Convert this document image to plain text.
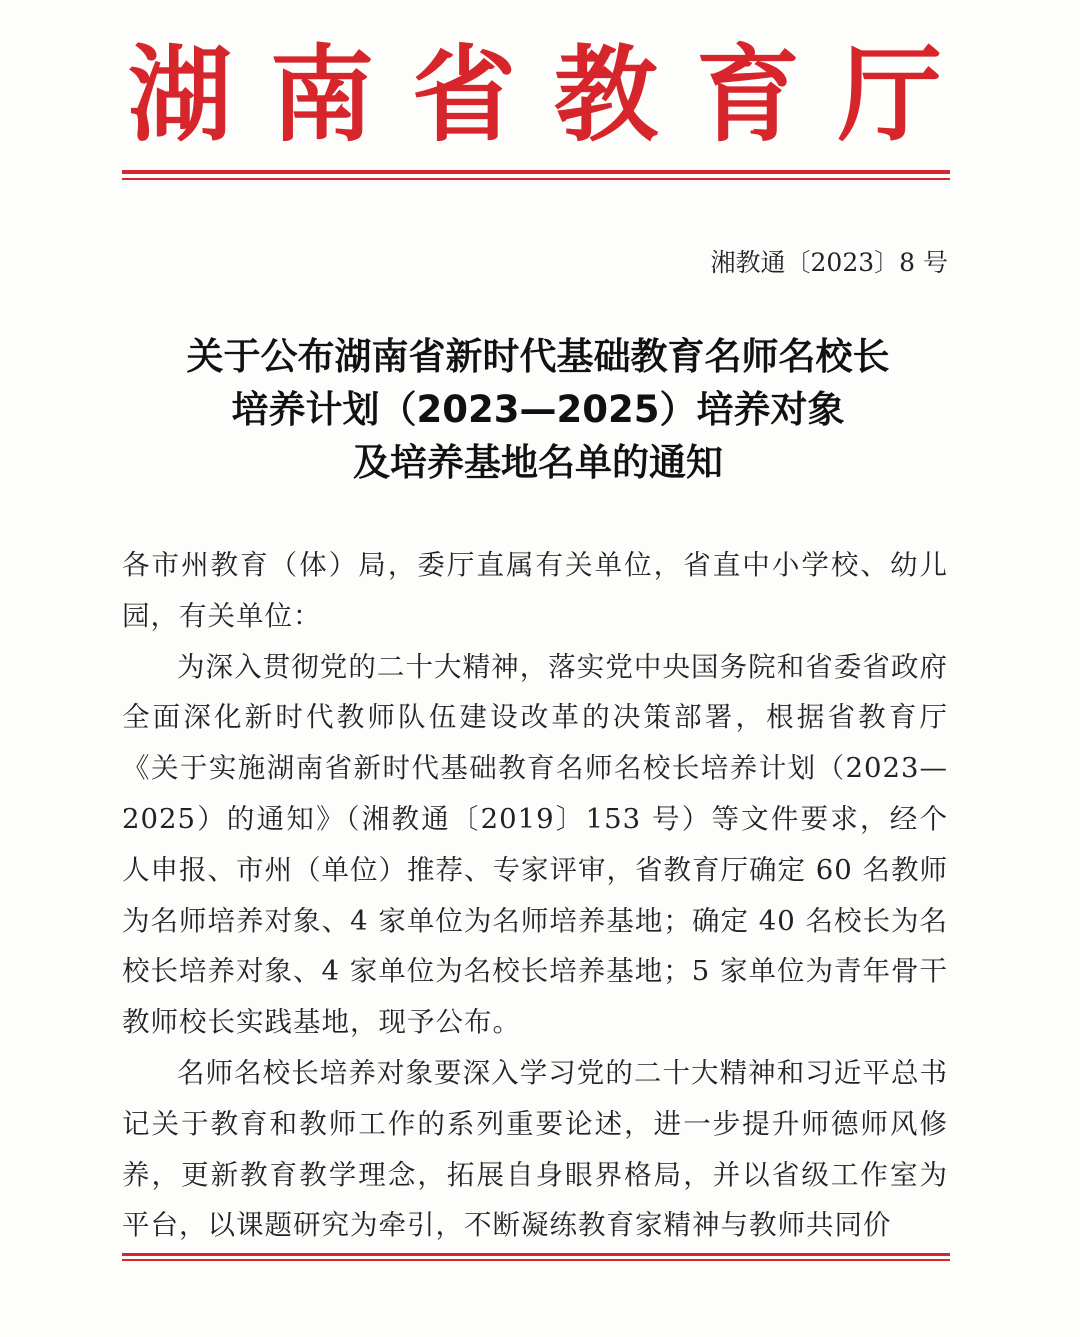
湖 南 省 教 育 厅
湘教通〔2023〕8 号
关于公布湖南省新时代基础教育名师名校长
培养计划（2023—2025）培养对象
及培养基地名单的通知

各市州教育（体）局，委厅直属有关单位，省直中小学校、幼儿园，有关单位：

为深入贯彻党的二十大精神，落实党中央国务院和省委省政府全面深化新时代教师队伍建设改革的决策部署，根据省教育厅《关于实施湖南省新时代基础教育名师名校长培养计划（2023—2025）的通知》（湘教通〔2019〕153 号）等文件要求，经个人申报、市州（单位）推荐、专家评审，省教育厅确定 60 名教师为名师培养对象、4 家单位为名师培养基地；确定 40 名校长为名校长培养对象、4 家单位为名校长培养基地；5 家单位为青年骨干教师校长实践基地，现予公布。

名师名校长培养对象要深入学习党的二十大精神和习近平总书记关于教育和教师工作的系列重要论述，进一步提升师德师风修养，更新教育教学理念，拓展自身眼界格局，并以省级工作室为平台，以课题研究为牵引，不断凝练教育家精神与教师共同价
